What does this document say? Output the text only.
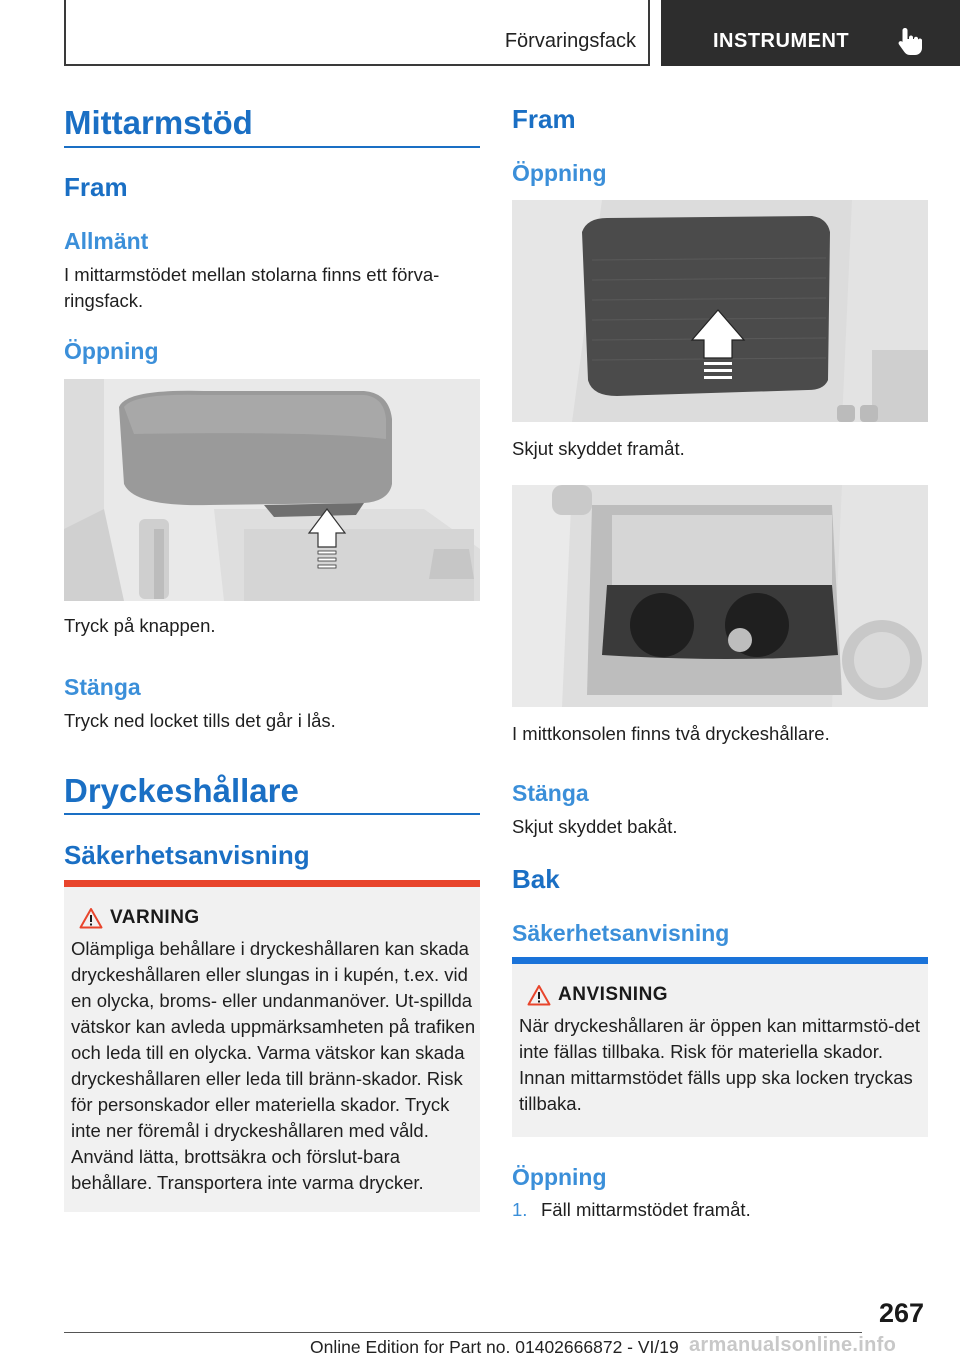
Förvaringsfack	INSTRUMENT
Mittarmstöd
Fram
Allmänt
I mittarmstödet mellan stolarna finns ett förva-ringsfack.
Öppning
Tryck på knappen.
Stänga
Tryck ned locket tills det går i lås.
Dryckeshållare
Säkerhetsanvisning
VARNING
Olämpliga behållare i dryckeshållaren kan skada dryckeshållaren eller slungas in i kupén, t.ex. vid en olycka, broms- eller undanmanöver. Ut-spillda vätskor kan avleda uppmärksamheten på trafiken och leda till en olycka. Varma vätskor kan skada dryckeshållaren eller leda till bränn-skador. Risk för personskador eller materiella skador. Tryck inte ner föremål i dryckeshållaren med våld. Använd lätta, brottsäkra och förslut-bara behållare. Transportera inte varma drycker.
Fram
Öppning
Skjut skyddet framåt.
I mittkonsolen finns två dryckeshållare.
Stänga
Skjut skyddet bakåt.
Bak
Säkerhetsanvisning
ANVISNING
När dryckeshållaren är öppen kan mittarmstö-det inte fällas tillbaka. Risk för materiella skador. Innan mittarmstödet fälls upp ska locken tryckas tillbaka.
Öppning
1. Fäll mittarmstödet framåt.
267
Online Edition for Part no. 01402666872 - VI/19 armanualsonline.info
